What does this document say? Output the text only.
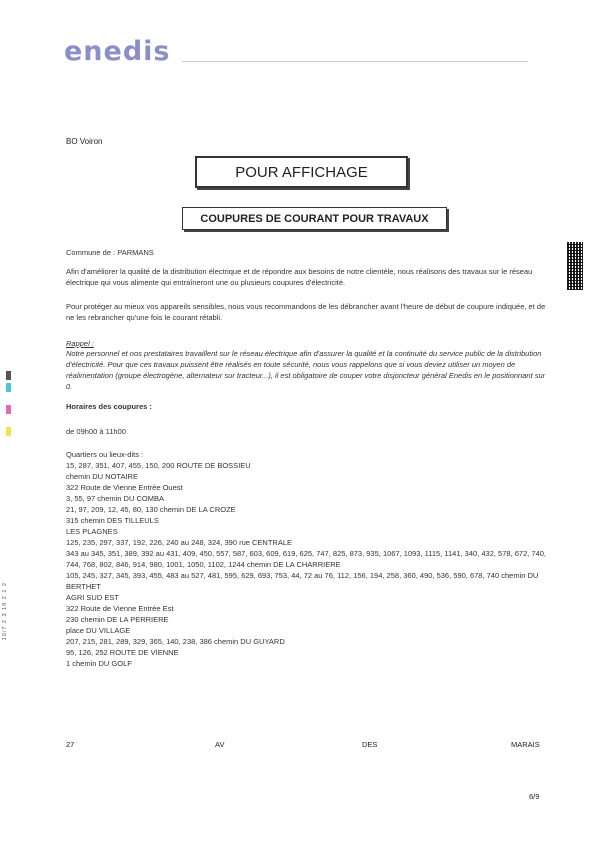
enedis
10/7 2 3 18 2 1 2
BO Voiron
POUR AFFICHAGE
COUPURES DE COURANT POUR TRAVAUX
Commune de : PARMANS
Afin d'améliorer la qualité de la distribution électrique et de répondre aux besoins de notre clientèle, nous réalisons des travaux sur le réseau électrique qui vous alimente qui entraîneront une ou plusieurs coupures d'électricité.
Pour protéger au mieux vos appareils sensibles, nous vous recommandons de les débrancher avant l'heure de début de coupure indiquée, et de ne les rebrancher qu'une fois le courant rétabli.
Rappel :
Notre personnel et nos prestataires travaillent sur le réseau électrique afin d'assurer la qualité et la continuité du service public de la distribution d'électricité. Pour que ces travaux puissent être réalisés en toute sécurité, nous vous rappelons que si vous deviez utiliser un moyen de réalimentation (groupe électrogène, alternateur sur tracteur...), il est obligatoire de couper votre disjoncteur général Enedis en le positionnant sur 0.
Horaires des coupures :
de 09h00 à 11h00
Quartiers ou lieux-dits :
15, 287, 351, 407, 455, 150, 200 ROUTE DE BOSSIEU
chemin DU NOTAIRE
322 Route de Vienne Entrée Ouest
3, 55, 97 chemin DU COMBA
21, 97, 209, 12, 45, 80, 130 chemin DE LA CROZE
315 chemin DES TILLEULS
LES PLAGNES
125, 235, 297, 337, 192, 226, 240 au 248, 324, 390 rue CENTRALE
343 au 345, 351, 389, 392 au 431, 409, 450, 557, 587, 603, 609, 619, 625, 747, 825, 873, 935, 1067, 1093, 1115, 1141, 340, 432, 578, 672, 740, 744, 768, 802, 846, 914, 980, 1001, 1050, 1102, 1244 chemin DE LA CHARRIERE
105, 245, 327, 345, 393, 455, 483 au 527, 481, 595, 629, 693, 753, 44, 72 au 76, 112, 156, 194, 258, 360, 490, 536, 590, 678, 740 chemin DU BERTHET
AGRI SUD EST
322 Route de Vienne Entrée Est
230 chemin DE LA PERRIERE
place DU VILLAGE
207, 215, 281, 289, 329, 365, 140, 238, 386 chemin DU GUYARD
95, 126, 252 ROUTE DE VIENNE
1 chemin DU GOLF
27	AV	DES	MARAIS
6/9
